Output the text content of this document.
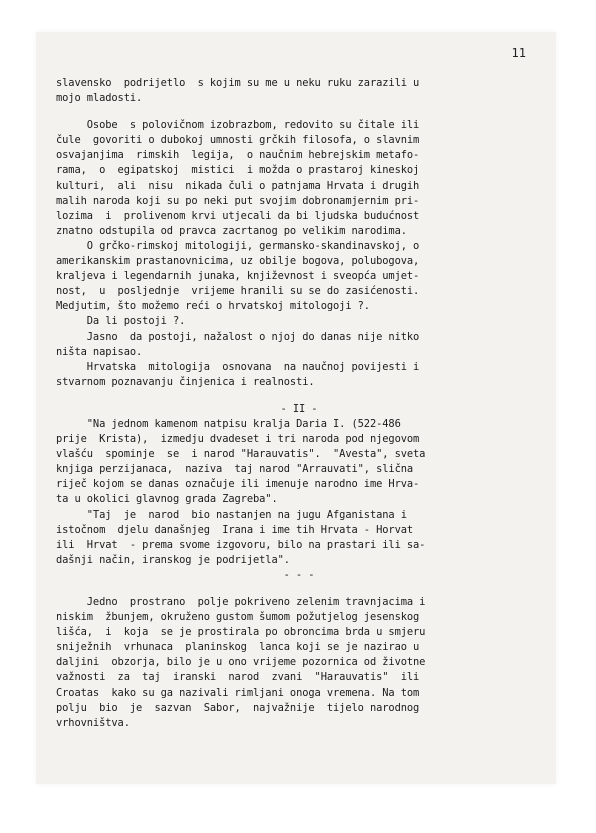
11
slavensko  podrijetlo  s kojim su me u neku ruku zarazili u
mojo mladosti.
Osobe  s polovičnom izobrazbom, redovito su čitale ili
čule  govoriti o dubokoj umnosti grčkih filosofa, o slavnim
osvajanjima  rimskih  legija,  o naučnim hebrejskim metafo-
rama,  o  egipatskoj  mistici  i možda o prastaroj kineskoj
kulturi,  ali  nisu  nikada čuli o patnjama Hrvata i drugih
malih naroda koji su po neki put svojim dobronamjernim pri-
lozima  i  prolivenom krvi utjecali da bi ljudska budućnost
znatno odstupila od pravca zacrtanog po velikim narodima.
O grčko-rimskoj mitologiji, germansko-skandinavskoj, o
amerikanskim prastanovnicima, uz obilje bogova, polubogova,
kraljeva i legendarnih junaka, književnost i sveopća umjet-
nost,  u  posljednje  vrijeme hranili su se do zasićenosti.
Medjutim, što možemo reći o hrvatskoj mitologoji ?.
Da li postoji ?.
Jasno  da postoji, nažalost o njoj do danas nije nitko
ništa napisao.
Hrvatska  mitologija  osnovana  na naučnoj povijesti i
stvarnom poznavanju činjenica i realnosti.
- II -
"Na jednom kamenom natpisu kralja Daria I. (522-486
prije  Krista),  izmedju dvadeset i tri naroda pod njegovom
vlašću  spominje  se  i narod "Harauvatis".  "Avesta", sveta
knjiga perzijanaca,  naziva  taj narod "Arrauvati", slična
riječ kojom se danas označuje ili imenuje narodno ime Hrva-
ta u okolici glavnog grada Zagreba".
"Taj  je  narod  bio nastanjen na jugu Afganistana i
istočnom  djelu današnjeg  Irana i ime tih Hrvata - Horvat
ili  Hrvat  - prema svome izgovoru, bilo na prastari ili sa-
dašnji način, iranskog je podrijetla".
- - -
Jedno  prostrano  polje pokriveno zelenim travnjacima i
niskim  žbunjem, okruženo gustom šumom požutjelog jesenskog
lišća,  i  koja  se je prostirala po obroncima brda u smjeru
sniježnih  vrhunaca  planinskog  lanca koji se je nazirao u
daljini  obzorja, bilo je u ono vrijeme pozornica od životne
važnosti  za  taj  iranski  narod  zvani  "Harauvatis"  ili
Croatas  kako su ga nazivali rimljani onoga vremena. Na tom
polju  bio  je  sazvan  Sabor,  najvažnije  tijelo narodnog
vrhovništva.
